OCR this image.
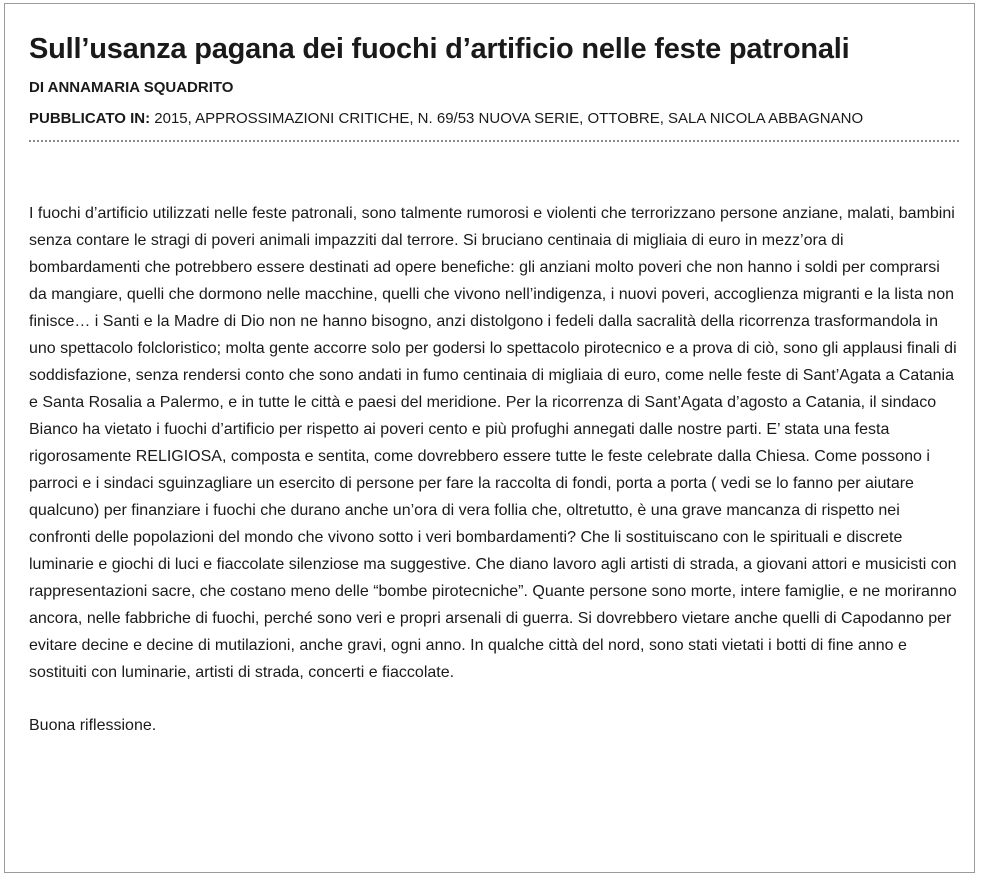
Sull’usanza pagana dei fuochi d’artificio nelle feste patronali
DI ANNAMARIA SQUADRITO
PUBBLICATO IN: 2015, APPROSSIMAZIONI CRITICHE, N. 69/53 NUOVA SERIE, OTTOBRE, SALA NICOLA ABBAGNANO

I fuochi d’artificio utilizzati nelle feste patronali, sono talmente rumorosi e violenti che terrorizzano persone anziane, malati, bambini senza contare le stragi di poveri animali impazziti dal terrore. Si bruciano centinaia di migliaia di euro in mezz’ora di bombardamenti che potrebbero essere destinati ad opere benefiche: gli anziani molto poveri che non hanno i soldi per comprarsi da mangiare, quelli che dormono nelle macchine, quelli che vivono nell’indigenza, i nuovi poveri, accoglienza migranti e la lista non finisce… i Santi e la Madre di Dio non ne hanno bisogno, anzi distolgono i fedeli dalla sacralità della ricorrenza trasformandola in uno spettacolo folcloristico; molta gente accorre solo per godersi lo spettacolo pirotecnico e a prova di ciò, sono gli applausi finali di soddisfazione, senza rendersi conto che sono andati in fumo centinaia di migliaia di euro, come nelle feste di Sant’Agata a Catania e Santa Rosalia a Palermo, e in tutte le città e paesi del meridione. Per la ricorrenza di Sant’Agata d’agosto a Catania, il sindaco Bianco ha vietato i fuochi d’artificio per rispetto ai poveri cento e più profughi annegati dalle nostre parti. E’ stata una festa rigorosamente RELIGIOSA, composta e sentita, come dovrebbero essere tutte le feste celebrate dalla Chiesa. Come possono i parroci e i sindaci sguinzagliare un esercito di persone per fare la raccolta di fondi, porta a porta ( vedi se lo fanno per aiutare qualcuno) per finanziare i fuochi che durano anche un’ora di vera follia che, oltretutto, è una grave mancanza di rispetto nei confronti delle popolazioni del mondo che vivono sotto i veri bombardamenti? Che li sostituiscano con le spirituali e discrete luminarie e giochi di luci e fiaccolate silenziose ma suggestive. Che diano lavoro agli artisti di strada, a giovani attori e musicisti con rappresentazioni sacre, che costano meno delle “bombe pirotecniche”. Quante persone sono morte, intere famiglie, e ne moriranno ancora, nelle fabbriche di fuochi, perché sono veri e propri arsenali di guerra. Si dovrebbero vietare anche quelli di Capodanno per evitare decine e decine di mutilazioni, anche gravi, ogni anno. In qualche città del nord, sono stati vietati i botti di fine anno e sostituiti con luminarie, artisti di strada, concerti e fiaccolate.

Buona riflessione.
